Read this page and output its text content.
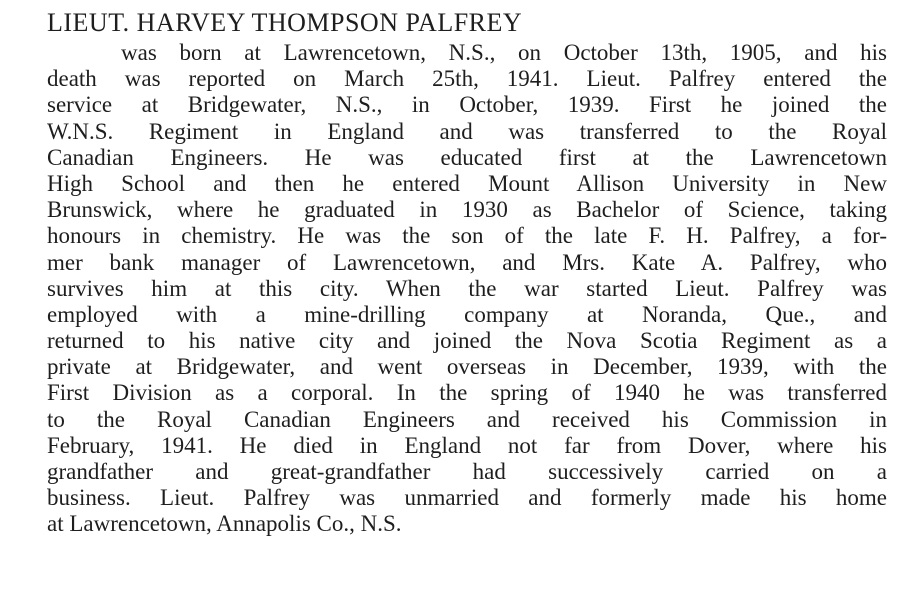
LIEUT. HARVEY THOMPSON PALFREY
was born at Lawrencetown, N.S., on October 13th, 1905, and his
death was reported on March 25th, 1941. Lieut. Palfrey entered the
service at Bridgewater, N.S., in October, 1939. First he joined the
W.N.S. Regiment in England and was transferred to the Royal
Canadian Engineers. He was educated first at the Lawrencetown
High School and then he entered Mount Allison University in New
Brunswick, where he graduated in 1930 as Bachelor of Science, taking
honours in chemistry. He was the son of the late F. H. Palfrey, a for-
mer bank manager of Lawrencetown, and Mrs. Kate A. Palfrey, who
survives him at this city. When the war started Lieut. Palfrey was
employed with a mine-drilling company at Noranda, Que., and
returned to his native city and joined the Nova Scotia Regiment as a
private at Bridgewater, and went overseas in December, 1939, with the
First Division as a corporal. In the spring of 1940 he was transferred
to the Royal Canadian Engineers and received his Commission in
February, 1941. He died in England not far from Dover, where his
grandfather and great-grandfather had successively carried on a
business. Lieut. Palfrey was unmarried and formerly made his home
at Lawrencetown, Annapolis Co., N.S.
